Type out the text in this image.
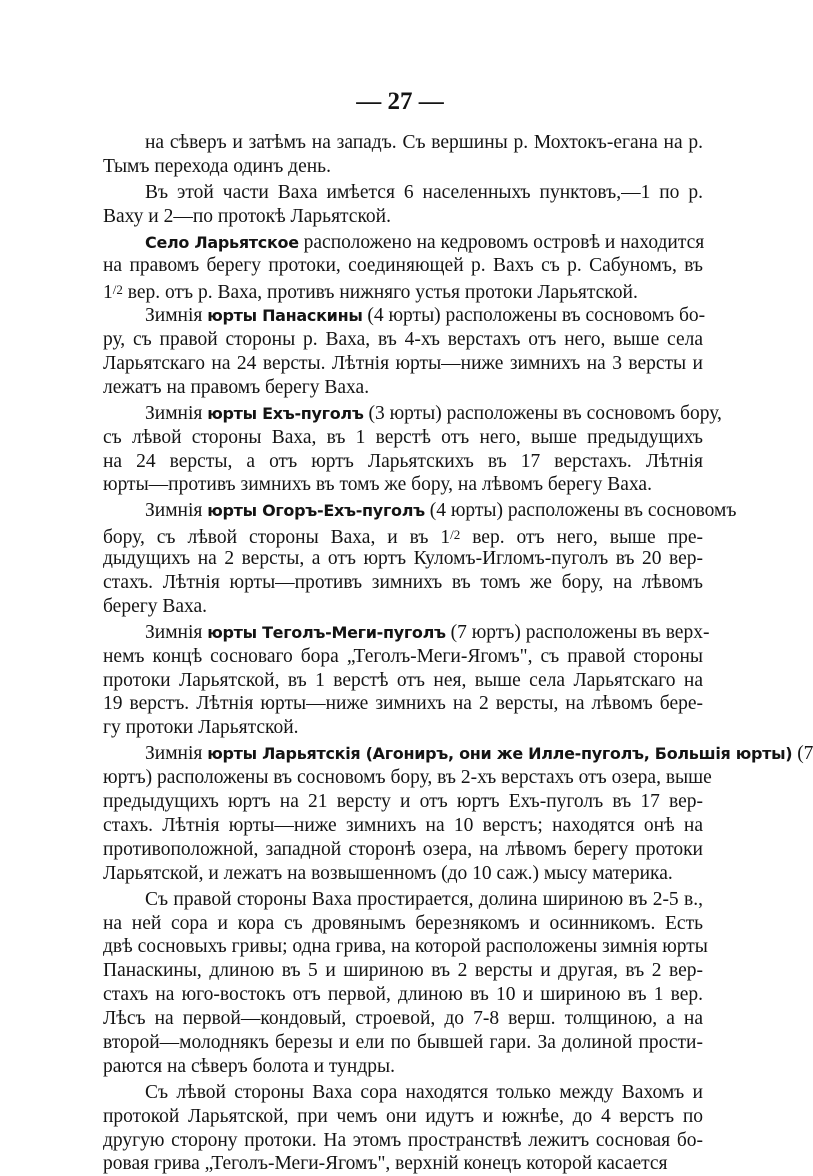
— 27 —
на сѣверъ и затѣмъ на западъ. Съ вершины р. Мохтокъ-егана на р.
Тымъ перехода одинъ день.
Въ этой части Ваха имѣется 6 населенныхъ пунктовъ,—1 по р.
Ваху и 2—по протокѣ Ларьятской.
Село Ларьятское расположено на кедровомъ островѣ и находится
на правомъ берегу протоки, соединяющей р. Вахъ съ р. Сабуномъ, въ
$1^{/2}$ вер. отъ р. Ваха, противъ нижняго устья протоки Ларьятской.
Зимнія юрты Панаскины (4 юрты) расположены въ сосновомъ бо-
ру, съ правой стороны р. Ваха, въ 4-хъ верстахъ отъ него, выше села
Ларьятскаго на 24 версты. Лѣтнія юрты—ниже зимнихъ на 3 версты и
лежатъ на правомъ берегу Ваха.
Зимнія юрты Ехъ-пуголъ (3 юрты) расположены въ сосновомъ бору,
съ лѣвой стороны Ваха, въ 1 верстѣ отъ него, выше предыдущихъ
на 24 версты, а отъ юртъ Ларьятскихъ въ 17 верстахъ. Лѣтнія
юрты—противъ зимнихъ въ томъ же бору, на лѣвомъ берегу Ваха.
Зимнія юрты Огоръ-Ехъ-пуголъ (4 юрты) расположены въ сосновомъ
бору, съ лѣвой стороны Ваха, и въ $1^{/2}$ вер. отъ него, выше пре-
дыдущихъ на 2 версты, а отъ юртъ Куломъ-Игломъ-пуголъ въ 20 вер-
стахъ. Лѣтнія юрты—противъ зимнихъ въ томъ же бору, на лѣвомъ
берегу Ваха.
Зимнія юрты Теголъ-Меги-пуголъ (7 юртъ) расположены въ верх-
немъ концѣ сосноваго бора „Теголъ-Меги-Ягомъ", съ правой стороны
протоки Ларьятской, въ 1 верстѣ отъ нея, выше села Ларьятскаго на
19 верстъ. Лѣтнія юрты—ниже зимнихъ на 2 версты, на лѣвомъ бере-
гу протоки Ларьятской.
Зимнія юрты Ларьятскія (Агониръ, они же Илле-пуголъ, Большія юрты) (7
юртъ) расположены въ сосновомъ бору, въ 2-хъ верстахъ отъ озера, выше
предыдущихъ юртъ на 21 версту и отъ юртъ Ехъ-пуголъ въ 17 вер-
стахъ. Лѣтнія юрты—ниже зимнихъ на 10 верстъ; находятся онѣ на
противоположной, западной сторонѣ озера, на лѣвомъ берегу протоки
Ларьятской, и лежатъ на возвышенномъ (до 10 саж.) мысу материка.
Съ правой стороны Ваха простирается, долина шириною въ 2-5 в.,
на ней сора и кора съ дровянымъ березнякомъ и осинникомъ. Есть
двѣ сосновыхъ гривы; одна грива, на которой расположены зимнія юрты
Панаскины, длиною въ 5 и шириною въ 2 версты и другая, въ 2 вер-
стахъ на юго-востокъ отъ первой, длиною въ 10 и шириною въ 1 вер.
Лѣсъ на первой—кондовый, строевой, до 7-8 верш. толщиною, а на
второй—молоднякъ березы и ели по бывшей гари. За долиной прости-
раются на сѣверъ болота и тундры.
Съ лѣвой стороны Ваха сора находятся только между Вахомъ и
протокой Ларьятской, при чемъ они идутъ и южнѣе, до 4 верстъ по
другую сторону протоки. На этомъ пространствѣ лежитъ сосновая бо-
ровая грива „Теголъ-Меги-Ягомъ", верхній конецъ которой касается
